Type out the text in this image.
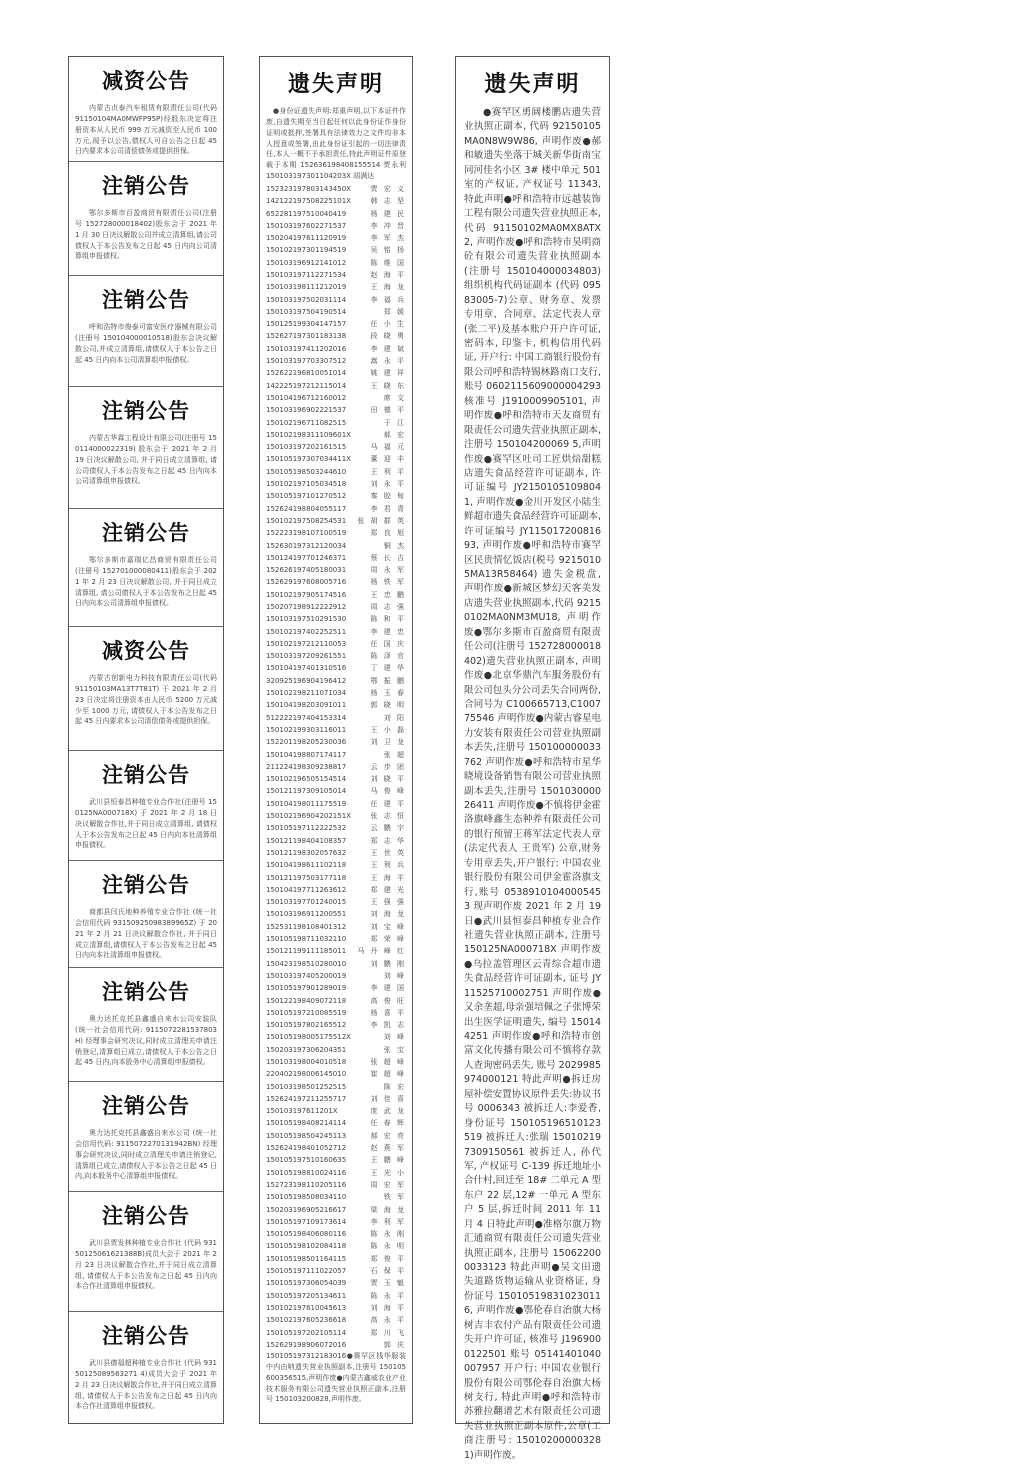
减资公告
内蒙古贞泰汽车租赁有限责任公司(代码 91150104MA0MWFP95P)经股东决定将注册资本从人民币 999 万元减资至人民币 100 万元,现予以公告,债权人可自公告之日起 45 日内要求本公司清偿债务或提供担保。
注销公告
鄂尔多斯市百盈商贸有限责任公司(注册号 152728000018402)股东会于 2021 年 1 月 30 日决议解散公司并成立清算组,请公司债权人于本公告发布之日起 45 日内向公司清算组申报债权。
注销公告
呼和浩特市俊泰可富安医疗器械有限公司 (注册号 150104000010518)股东会决议解散公司,并成立清算组,请债权人于本公告之日起 45 日内向本公司清算组申报债权。
注销公告
内蒙古华霖工程设计有限公司(注册号 150114000022319) 股东会于 2021 年 2 月 19 日决议解散公司, 并于同日成立清算组, 请公司债权人于本公告发布之日起 45 日内向本公司清算组申报债权。
注销公告
鄂尔多斯市嘉瑞亿昌商贸有限责任公司(注册号 152701000080411)股东会于 2021 年 2 月 23 日决议解散公司, 并于同日成立清算组, 请公司债权人于本公告发布之日起 45 日内向本公司清算组申报债权。
减资公告
内蒙古创新电力科技有限责任公司(代码 91150103MA13T7T81T) 于 2021 年 2 月 23 日决定将注册资本由人民币 5200 万元减少至 1000 万元, 请债权人于本公告发布之日起 45 日内要求本公司清偿债务或提供担保。
注销公告
武川县恒泰昌种植专业合作社(注册号 150125NA000718X) 于 2021 年 2 月 18 日决议解散合作社,并于同日成立清算组, 请债权人于本公告发布之日起 45 日内向本社清算组申报债权。
注销公告
商都县闫氏地种养殖专业合作社 (统一社会信用代码 93150925098389965Z) 于 2021 年 2 月 21 日决议解散合作社, 并于同日成立清算组,请债权人于本公告发布之日起 45 日内向本社清算组申报债权。
注销公告
奥力达托克托县鑫盛自来水公司安装队 (统一社会信用代码: 9115072281537803H) 经理事会研究决议,同时成立清理关申请注销登记,清算组已成立,请债权人于本公告之日起 45 日内,向本股务中心清算组申报债权。
注销公告
奥力达托克托县鑫盛自来水公司 (统一社会信用代码: 9115072270131942BN) 经理事会研究决议,同时成立清理关申请注销登记,清算组已成立,请债权人于本公告之日起 45 日内,向本股务中心清算组申报债权。
注销公告
武川县贾发林种植专业合作社 (代码 93150125061621388B)成员大会于 2021 年 2 月 23 日决议解散合作社,并于同日成立清算组, 请债权人于本公告发布之日起 45 日内向本合作社清算组申报债权。
注销公告
武川县德福超种植专业合作社 (代码 93150125089563271 4)成员大会于 2021 年 2 月 23 日决议解散合作社,并于同日成立清算组, 请债权人于本公告发布之日起 45 日内向本合作社清算组申报债权。
遗失声明
●身份证遗失声明:郑重声明,以下本证件作废,自遗失期至当日起任何以此身份证作身份证明或抵押,签署具有法律效力之文件均非本人授意或签署,由此身份证引起的一切法律责任,本人一概不予承担责任,特此声明证件原登载于本期 152636198408155514 贾永利 150103197301104203X 胡满达
152323197803143450X	贾 宏 义
142122197508225101X	韩 志 坚
652281197510040419	杨 建 民
150103197602271537	李 冲 晋
150204197611120919	李 军 杰
150102197301194519	吴 铭 扬
150103196912141012	陈 维 国
150103197112271534	赵 海 平
150103198111212019	王 海 龙
150103197502031114	李 福 兵
150103197504190514	郑 媛
150125199304147157	任 小 生
152627197301183138	段 晓 勇
150103197411202016	李 建 斌
150103197703307512	嵩 永 平
152622196810051014	姚 建 祥
142225197212115014	王 晓 东
150104196712160012	席 文
150103196902221537	田 德 平
150102196711082515	于 江
150102198311109601X	郝 宏
150103197202161515	马 福 元
150105197307034411X	董 迎 丰
150105198503244610	王 利 平
150102197105034518	刘 永 平
150105197101270512	秦 胶 甸
152624198804055117	李 君 青
150102197508254531 张 胡 群 英
152223198107100519	郑 良 旭
152630197312120034	铜 杰
150124197701246371	蔡 长 吉
152626197405180031	周 永 军
152629197608005716	杨 铁 军
150102197905174516	王 忠 鹏
150207198912222912	周 志 强
150103197510291530	陈 和 平
150102197402252511	李 建 忠
150102197212110053	任 国 庆
150103197209261551	陈 泽 官
150104197401310516	丁 建 华
320925196904196412	鄂 振 鹏
150102198211071034	杨 玉 春
150104198203091011	郭 晓 明
512222197404153314	刘 阳
150102199303116011	王 小 磊
152201198205230036	刘 卫 龙
150104198807174117	张 超
211224198309238817	云 步 团
150102196505154514	刘 晓 平
150121197309105014	马 俊 峰
150104198011175519	任 建 平
150102196904202151X	张 志 恒
150105197112222532	云 鹏 宇
150121198404108357	郑 志 华
150121198302057632	王 世 英
150104198611102118	王 利 兵
150121197503177118	王 海 平
150104197711263612	郑 建 光
150103197701240015	王 强 强
150103196911200551	刘 海 龙
152531198108401312	刘 宝 峰
150105198711032110	郑 荣 峰
150121199111185011 马 丹 峰 红
150423198510280010	刘 鹏 刚
150103197405200019	刘 峰
150105197901289019	李 建 国
150122198409072118	高 俊 旺
150105197210085519	杨 喜 平
150105197802165512	李 凯 志
150105198005175512X	刘 峰
150203197306204351	张 宝
150103198004010518	张 超 峰
220402198006145010	崔 超 峰
150103198501252515	陈 宏
152624197211255717	刘 佳 喜
150103197611201X	庞 武 龙
150105198408214114	任 春 辉
150105198504245113	郝 宏 亮
152624198401052712	赵 燕 军
150105197510160635	王 鹏 峰
150105198810024116	王 光 小
152723198110205116	周 宏 军
150105198508034110	铁 军
150203196905216617	梁 海 龙
150105197109173614	李 利 军
150105198406080116	陈 永 刚
150105198102084118	陈 永 明
150105198501164115	郑 俊 平
150105197111022057	石 保 平
150105197306054039	贾 玉 魁
150105197205134611	陈 永 平
150102197610045613	刘 海 平
150102197605236618	高 永 平
150105197202105114	郑 川 飞
152629198906072016	郭 庆
150105197312183016●赛罕区钱华服装中内由呐遗失营业执照副本,注册号 150105600356515,声明作废●内蒙古鑫威农业产业技术服务有限公司遗失营业执照正副本,注册号 150103200828,声明作废。
遗失声明
●赛罕区勇阔楼鹏店遗失营业执照正副本, 代码 92150105MA0N8W9W86, 声明作废●郝和敏遗失坐落于城关新华街南宝同河佳名小区 3# 楼中单元 501 室的产权证, 产权证号 11343, 特此声明●呼和浩特市远越装饰工程有限公司遗失营业执照正本, 代码 91150102MA0MX8ATX2, 声明作废●呼和浩特市昊明商砼有限公司遗失营业执照副本 (注册号 150104000034803) 组织机构代码证副本 (代码 09583005-7)公章、财务章、发票专用章、合同章、法定代表人章(张二平)及基本账户开户许可证, 密码本, 印鉴卡, 机构信用代码证, 开户行: 中国工商银行股份有限公司呼和浩特锡林路南口支行, 账号 0602115609000004293 核准号 J1910009905101, 声明作废●呼和浩特市天友商贸有限责任公司遗失营业执照正副本, 注册号 150104200069 5,声明作废●赛罕区吐司工匠烘焙甜糕店遗失食品经营许可证副本, 许可证编号 JY21501051098041, 声明作废●金川开发区小陆生鲜超市遗失食品经营许可证副本, 许可证编号 JY11501720081693, 声明作废●呼和浩特市赛罕区民贵情忆饭店(税号 92150105MA13R58464) 遗失金税盘, 声明作废●新城区梦幻天客美发店遗失营业执照副本,代码 92150102MA0NM3MU18, 声明作废●鄂尔多斯市百盈商贸有限责任公司(注册号 152728000018402)遗失营业执照正副本, 声明作废●北京华鼎汽车服务股份有限公司包头分公司丢失合同两份, 合同号为 C100665713,C100775546 声明作废●内蒙古睿星电力安装有限责任公司营业执照副本丢失,注册号 150100000033762 声明作废●呼和浩特市星华晓境设备销售有限公司营业执照副本丢失,注册号 150103000026411 声明作废●不慎将伊金霍洛旗峰鑫生态种养有限责任公司的银行预留王蒋军法定代表人章 (法定代表人 王贵军) 公章,财务专用章丢失,开户银行: 中国农业银行股份有限公司伊金霍洛旗支行,账号 05389101040005453 现声明作废 2021 年 2 月 19 日●武川县恒泰昌种植专业合作社遗失营业执照正副本, 注册号 150125NA000718X 声明作废●乌拉盖管理区云青综合超市遗失食品经营许可证副本, 证号 JY11525710002751 声明作废●又余垄超,母亲强培佩之子张博荣出生医学证明遗失, 编号 150144251 声明作废●呼和浩特市创富文化传播有限公司不慎将存款人查询密码丢失, 账号 2029985974000121 特此声明●拆迁房屋补偿安置协议原件丢失:协议书号 0006343 被拆迁人:李爱香, 身份证号 150105196510123519 被拆迁人:张瑞 150102197309150561 被拆迁人, 孙代军, 产权证号 C-139 拆迁地址小合什村,回迁至 18# 二单元 A 型东户 22 层,12# 一单元 A 型东户 5 层,拆迁时间 2011 年 11 月 4 日特此声明●准格尔旗万物汇通商贸有限责任公司遗失营业执照正副本, 注册号 150622000033123 特此声明●吴文田遗失道路货物运输从业资格证, 身份证号 150105198310230116, 声明作废●鄂伦春自治旗大杨树吉丰农付产品有限责任公司遗失开户许可证, 核准号 J1969000122501 账号 05141401040007957 开户行: 中国农业银行股份有限公司鄂伦春自治旗大杨树支行, 特此声明●呼和浩特市苏雅拉翻谱艺术有限责任公司遗失营业执照正副本原件,公章(工商注册号: 150102000003281)声明作废。
